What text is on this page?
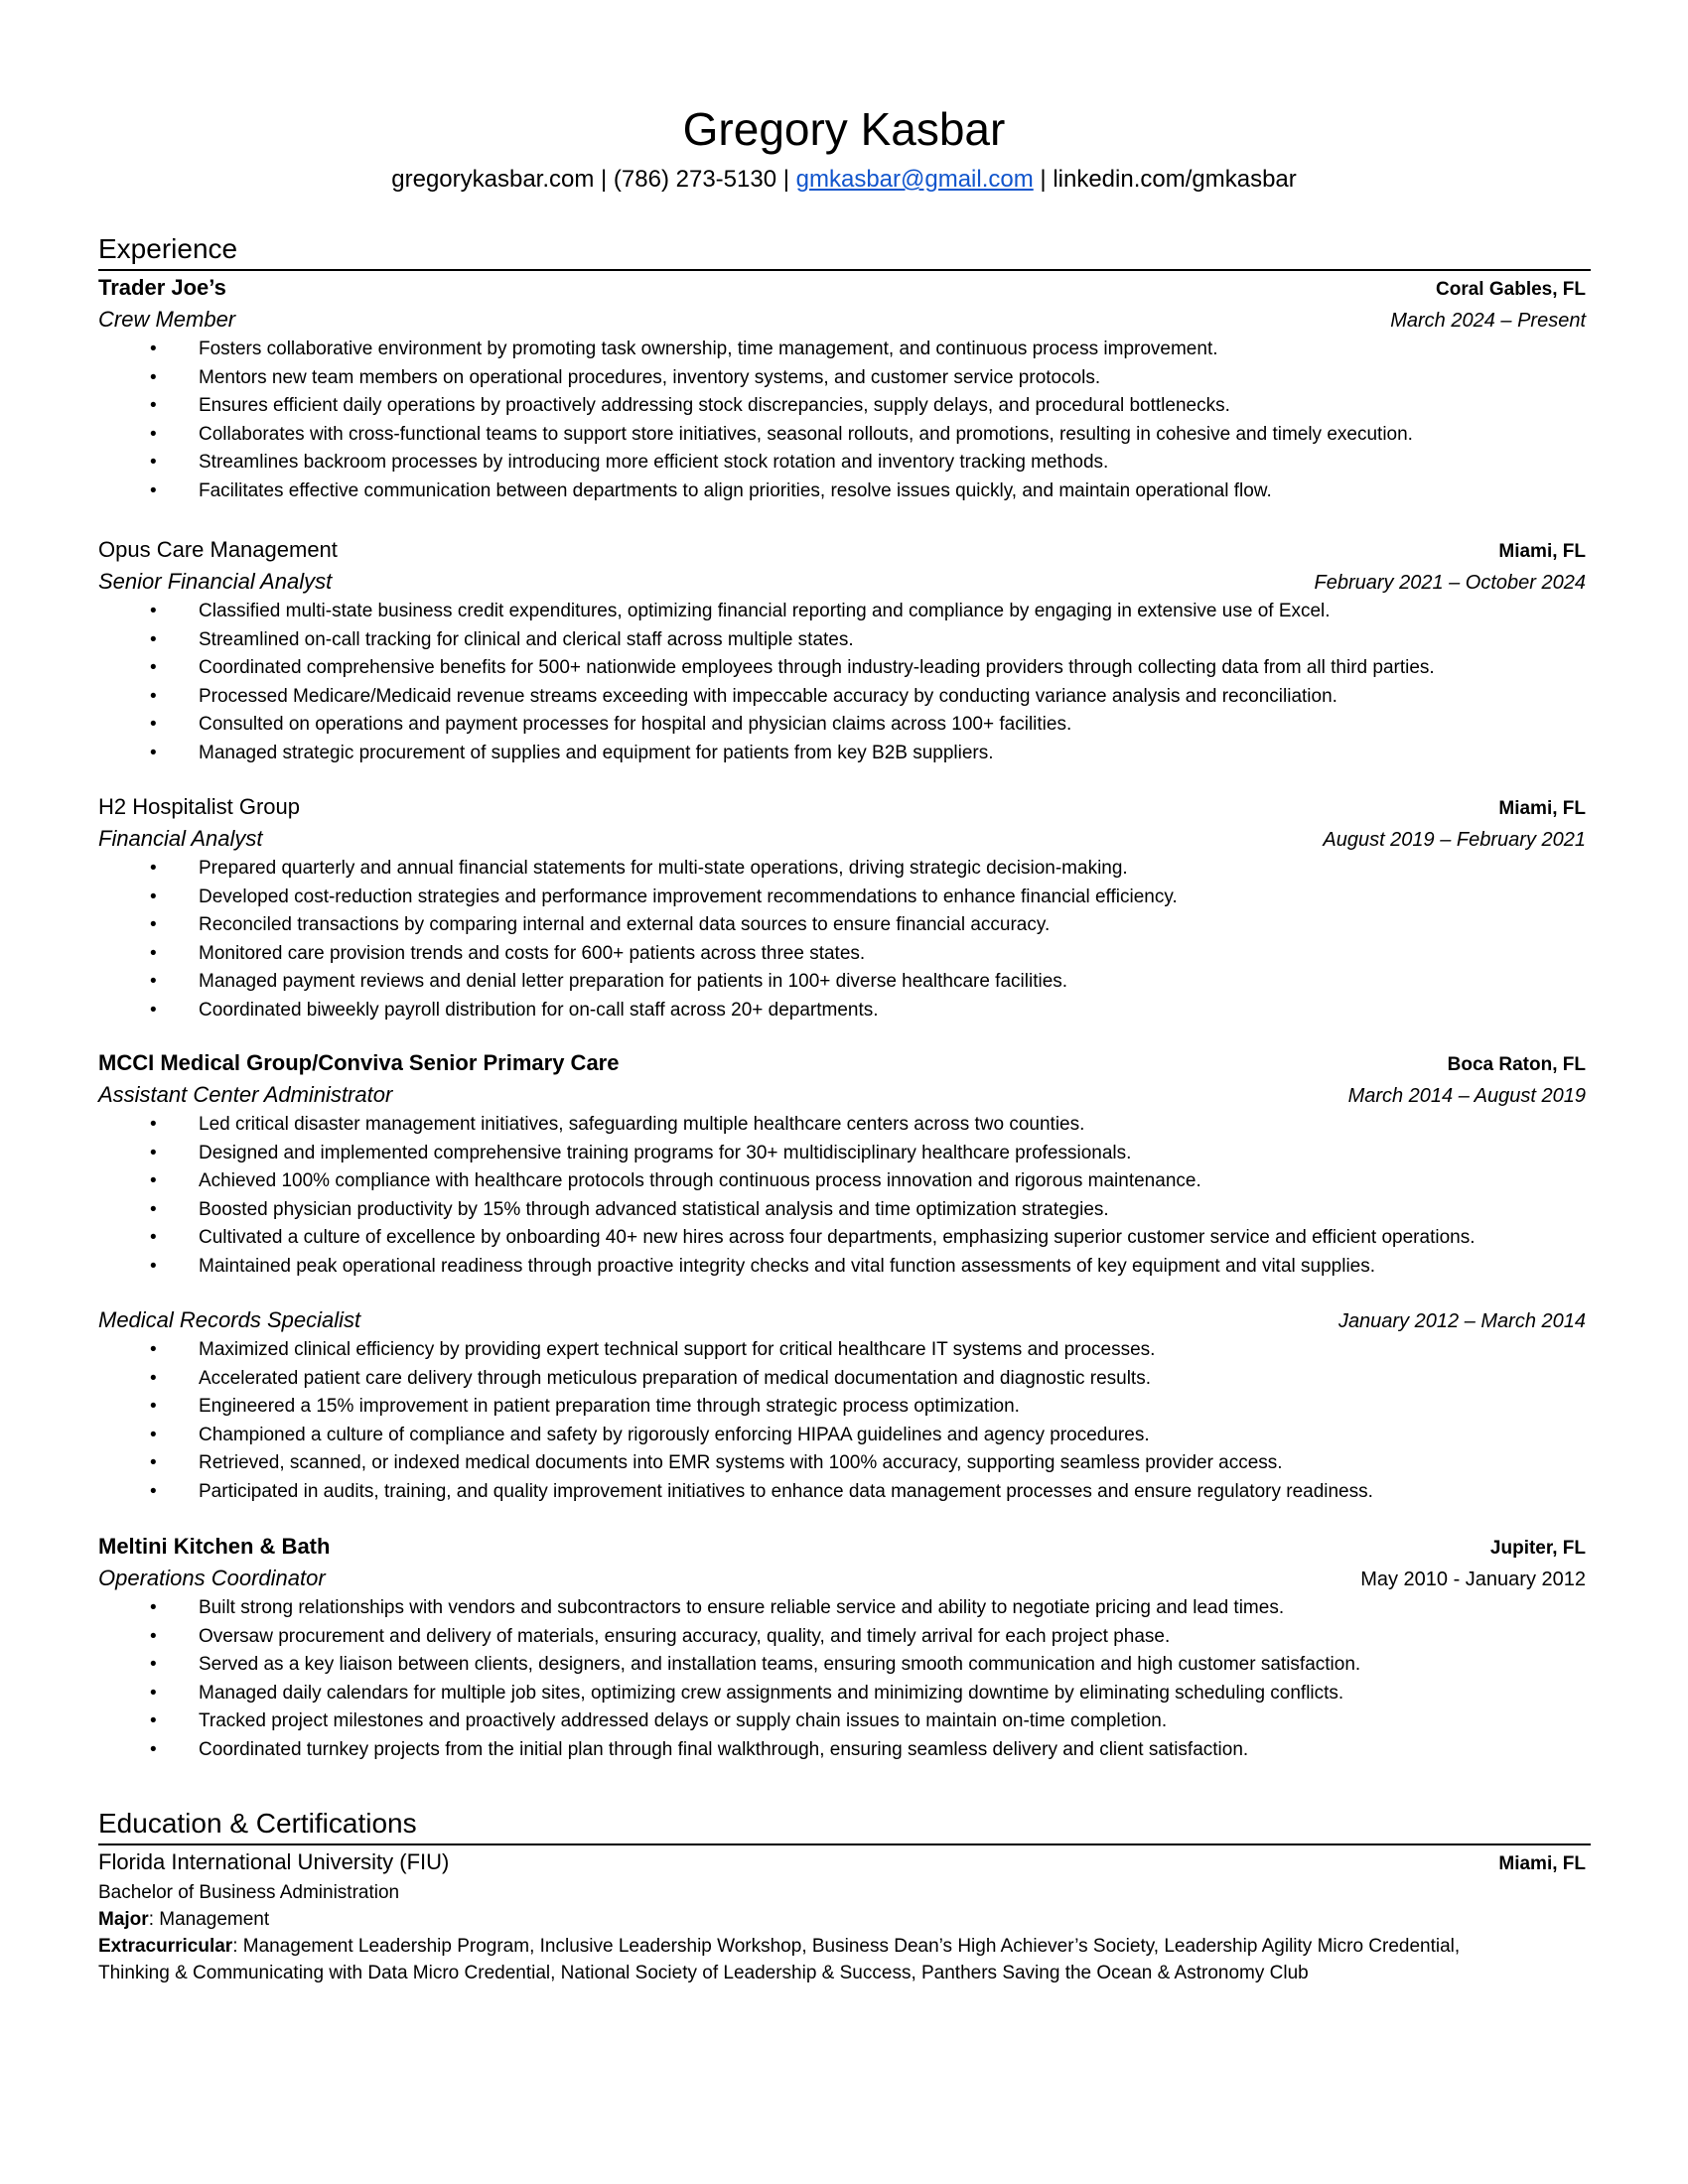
Gregory Kasbar
gregorykasbar.com | (786) 273-5130 | gmkasbar@gmail.com | linkedin.com/gmkasbar
Experience
Trader Joe’s	Coral Gables, FL
Crew Member	March 2024 – Present
• Fosters collaborative environment by promoting task ownership, time management, and continuous process improvement.
• Mentors new team members on operational procedures, inventory systems, and customer service protocols.
• Ensures efficient daily operations by proactively addressing stock discrepancies, supply delays, and procedural bottlenecks.
• Collaborates with cross-functional teams to support store initiatives, seasonal rollouts, and promotions, resulting in cohesive and timely execution.
• Streamlines backroom processes by introducing more efficient stock rotation and inventory tracking methods.
• Facilitates effective communication between departments to align priorities, resolve issues quickly, and maintain operational flow.
Opus Care Management	Miami, FL
Senior Financial Analyst	February 2021 – October 2024
• Classified multi-state business credit expenditures, optimizing financial reporting and compliance by engaging in extensive use of Excel.
• Streamlined on-call tracking for clinical and clerical staff across multiple states.
• Coordinated comprehensive benefits for 500+ nationwide employees through industry-leading providers through collecting data from all third parties.
• Processed Medicare/Medicaid revenue streams exceeding with impeccable accuracy by conducting variance analysis and reconciliation.
• Consulted on operations and payment processes for hospital and physician claims across 100+ facilities.
• Managed strategic procurement of supplies and equipment for patients from key B2B suppliers.
H2 Hospitalist Group	Miami, FL
Financial Analyst	August 2019 – February 2021
• Prepared quarterly and annual financial statements for multi-state operations, driving strategic decision-making.
• Developed cost-reduction strategies and performance improvement recommendations to enhance financial efficiency.
• Reconciled transactions by comparing internal and external data sources to ensure financial accuracy.
• Monitored care provision trends and costs for 600+ patients across three states.
• Managed payment reviews and denial letter preparation for patients in 100+ diverse healthcare facilities.
• Coordinated biweekly payroll distribution for on-call staff across 20+ departments.
MCCI Medical Group/Conviva Senior Primary Care	Boca Raton, FL
Assistant Center Administrator	March 2014 – August 2019
• Led critical disaster management initiatives, safeguarding multiple healthcare centers across two counties.
• Designed and implemented comprehensive training programs for 30+ multidisciplinary healthcare professionals.
• Achieved 100% compliance with healthcare protocols through continuous process innovation and rigorous maintenance.
• Boosted physician productivity by 15% through advanced statistical analysis and time optimization strategies.
• Cultivated a culture of excellence by onboarding 40+ new hires across four departments, emphasizing superior customer service and efficient operations.
• Maintained peak operational readiness through proactive integrity checks and vital function assessments of key equipment and vital supplies.
Medical Records Specialist	January 2012 – March 2014
• Maximized clinical efficiency by providing expert technical support for critical healthcare IT systems and processes.
• Accelerated patient care delivery through meticulous preparation of medical documentation and diagnostic results.
• Engineered a 15% improvement in patient preparation time through strategic process optimization.
• Championed a culture of compliance and safety by rigorously enforcing HIPAA guidelines and agency procedures.
• Retrieved, scanned, or indexed medical documents into EMR systems with 100% accuracy, supporting seamless provider access.
• Participated in audits, training, and quality improvement initiatives to enhance data management processes and ensure regulatory readiness.
Meltini Kitchen & Bath	Jupiter, FL
Operations Coordinator	May 2010 - January 2012
• Built strong relationships with vendors and subcontractors to ensure reliable service and ability to negotiate pricing and lead times.
• Oversaw procurement and delivery of materials, ensuring accuracy, quality, and timely arrival for each project phase.
• Served as a key liaison between clients, designers, and installation teams, ensuring smooth communication and high customer satisfaction.
• Managed daily calendars for multiple job sites, optimizing crew assignments and minimizing downtime by eliminating scheduling conflicts.
• Tracked project milestones and proactively addressed delays or supply chain issues to maintain on-time completion.
• Coordinated turnkey projects from the initial plan through final walkthrough, ensuring seamless delivery and client satisfaction.
Education & Certifications
Florida International University (FIU)	Miami, FL
Bachelor of Business Administration
Major: Management
Extracurricular: Management Leadership Program, Inclusive Leadership Workshop, Business Dean’s High Achiever’s Society, Leadership Agility Micro Credential,
Thinking & Communicating with Data Micro Credential, National Society of Leadership & Success, Panthers Saving the Ocean & Astronomy Club
